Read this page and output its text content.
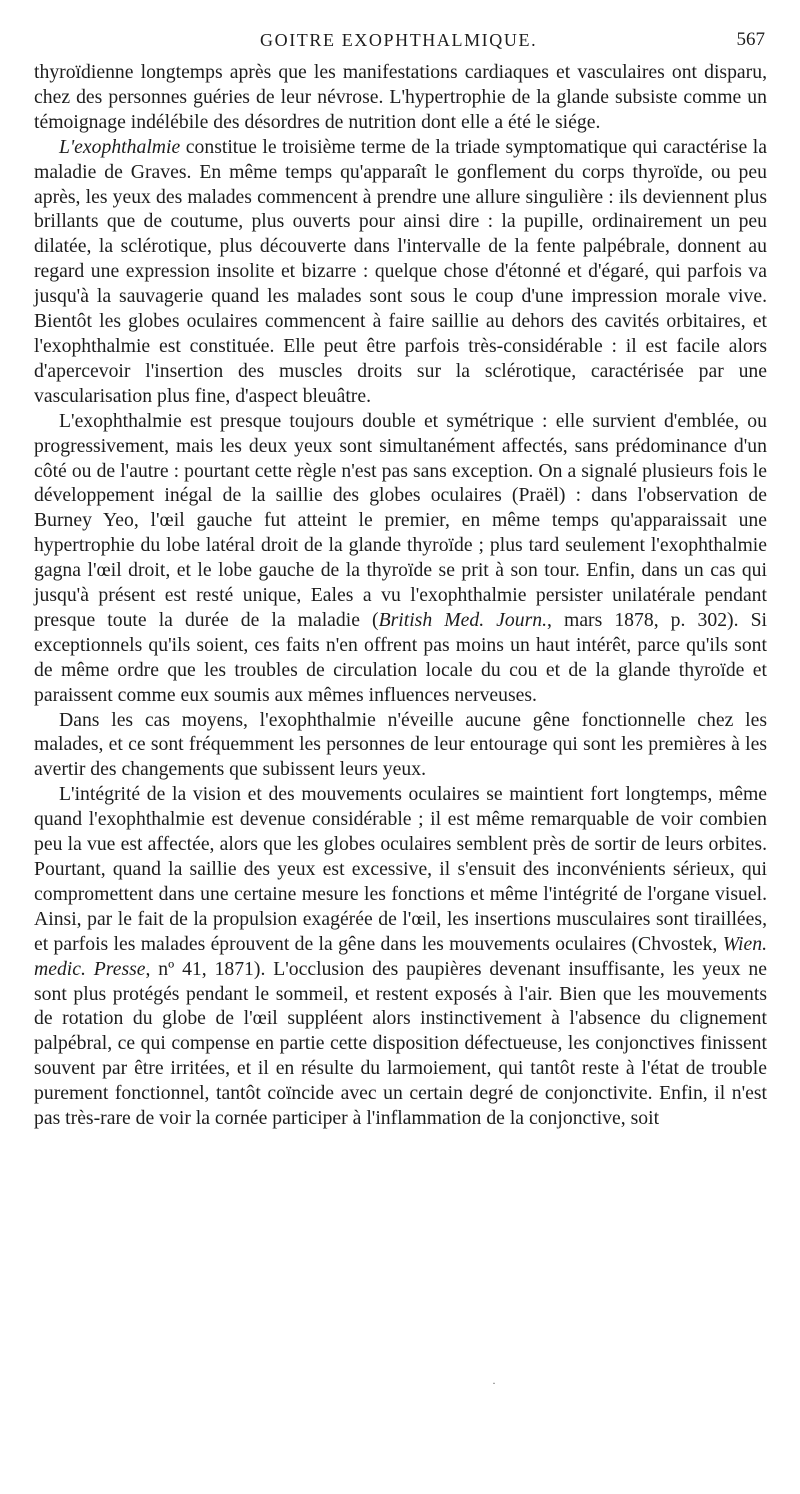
GOITRE EXOPHTHALMIQUE.	567

thyroïdienne longtemps après que les manifestations cardiaques et vasculaires ont disparu, chez des personnes guéries de leur névrose. L'hypertrophie de la glande subsiste comme un témoignage indélébile des désordres de nutrition dont elle a été le siége.

L'exophthalmie constitue le troisième terme de la triade symptomatique qui caractérise la maladie de Graves. En même temps qu'apparaît le gonflement du corps thyroïde, ou peu après, les yeux des malades commencent à prendre une allure singulière : ils deviennent plus brillants que de coutume, plus ouverts pour ainsi dire : la pupille, ordinairement un peu dilatée, la sclérotique, plus découverte dans l'intervalle de la fente palpébrale, donnent au regard une expression insolite et bizarre : quelque chose d'étonné et d'égaré, qui parfois va jusqu'à la sauvagerie quand les malades sont sous le coup d'une impression morale vive. Bientôt les globes oculaires commencent à faire saillie au dehors des cavités orbitaires, et l'exophthalmie est constituée. Elle peut être parfois très-considérable : il est facile alors d'apercevoir l'insertion des muscles droits sur la sclérotique, caractérisée par une vascularisation plus fine, d'aspect bleuâtre.

L'exophthalmie est presque toujours double et symétrique : elle survient d'emblée, ou progressivement, mais les deux yeux sont simultanément affectés, sans prédominance d'un côté ou de l'autre : pourtant cette règle n'est pas sans exception. On a signalé plusieurs fois le développement inégal de la saillie des globes oculaires (Praël) : dans l'observation de Burney Yeo, l'œil gauche fut atteint le premier, en même temps qu'apparaissait une hypertrophie du lobe latéral droit de la glande thyroïde ; plus tard seulement l'exophthalmie gagna l'œil droit, et le lobe gauche de la thyroïde se prit à son tour. Enfin, dans un cas qui jusqu'à présent est resté unique, Eales a vu l'exophthalmie persister unilatérale pendant presque toute la durée de la maladie (British Med. Journ., mars 1878, p. 302). Si exceptionnels qu'ils soient, ces faits n'en offrent pas moins un haut intérêt, parce qu'ils sont de même ordre que les troubles de circulation locale du cou et de la glande thyroïde et paraissent comme eux soumis aux mêmes influences nerveuses.

Dans les cas moyens, l'exophthalmie n'éveille aucune gêne fonctionnelle chez les malades, et ce sont fréquemment les personnes de leur entourage qui sont les premières à les avertir des changements que subissent leurs yeux.

L'intégrité de la vision et des mouvements oculaires se maintient fort longtemps, même quand l'exophthalmie est devenue considérable ; il est même remarquable de voir combien peu la vue est affectée, alors que les globes oculaires semblent près de sortir de leurs orbites. Pourtant, quand la saillie des yeux est excessive, il s'ensuit des inconvénients sérieux, qui compromettent dans une certaine mesure les fonctions et même l'intégrité de l'organe visuel. Ainsi, par le fait de la propulsion exagérée de l'œil, les insertions musculaires sont tiraillées, et parfois les malades éprouvent de la gêne dans les mouvements oculaires (Chvostek, Wien. medic. Presse, nº 41, 1871). L'occlusion des paupières devenant insuffisante, les yeux ne sont plus protégés pendant le sommeil, et restent exposés à l'air. Bien que les mouvements de rotation du globe de l'œil suppléent alors instinctivement à l'absence du clignement palpébral, ce qui compense en partie cette disposition défectueuse, les conjonctives finissent souvent par être irritées, et il en résulte du larmoiement, qui tantôt reste à l'état de trouble purement fonctionnel, tantôt coïncide avec un certain degré de conjonctivite. Enfin, il n'est pas très-rare de voir la cornée participer à l'inflammation de la conjonctive, soit

·
